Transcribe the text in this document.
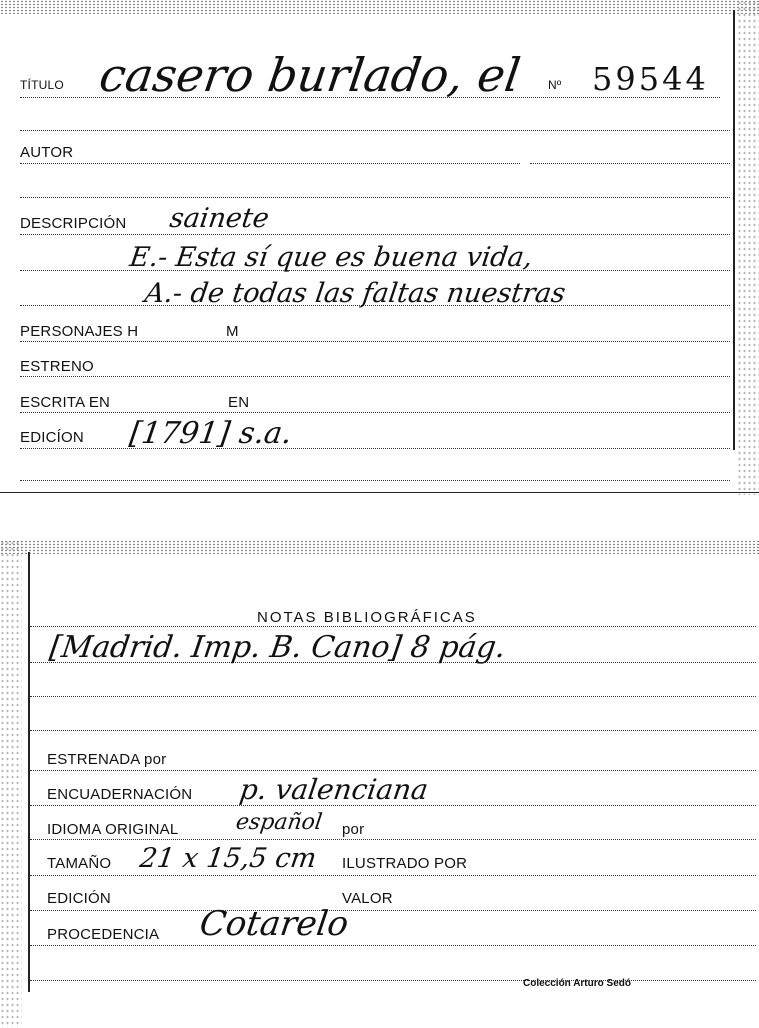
TÍTULO casero burlado, el Nº 59544
AUTOR
DESCRIPCIÓN sainete
E.- Esta sí que es buena vida,
A.- de todas las faltas nuestras
PERSONAJES H	M
ESTRENO
ESCRITA EN	EN
EDICÍON [1791] s.a.
NOTAS BIBLIOGRÁFICAS
[Madrid. Imp. B. Cano] 8 pág.
ESTRENADA por
ENCUADERNACIÓN p. valenciana
IDIOMA ORIGINAL	español por
TAMAÑO 21 x 15,5 cm ILUSTRADO POR
EDICIÓN	VALOR
PROCEDENCIA Cotarelo
Colección Arturo Sedó
